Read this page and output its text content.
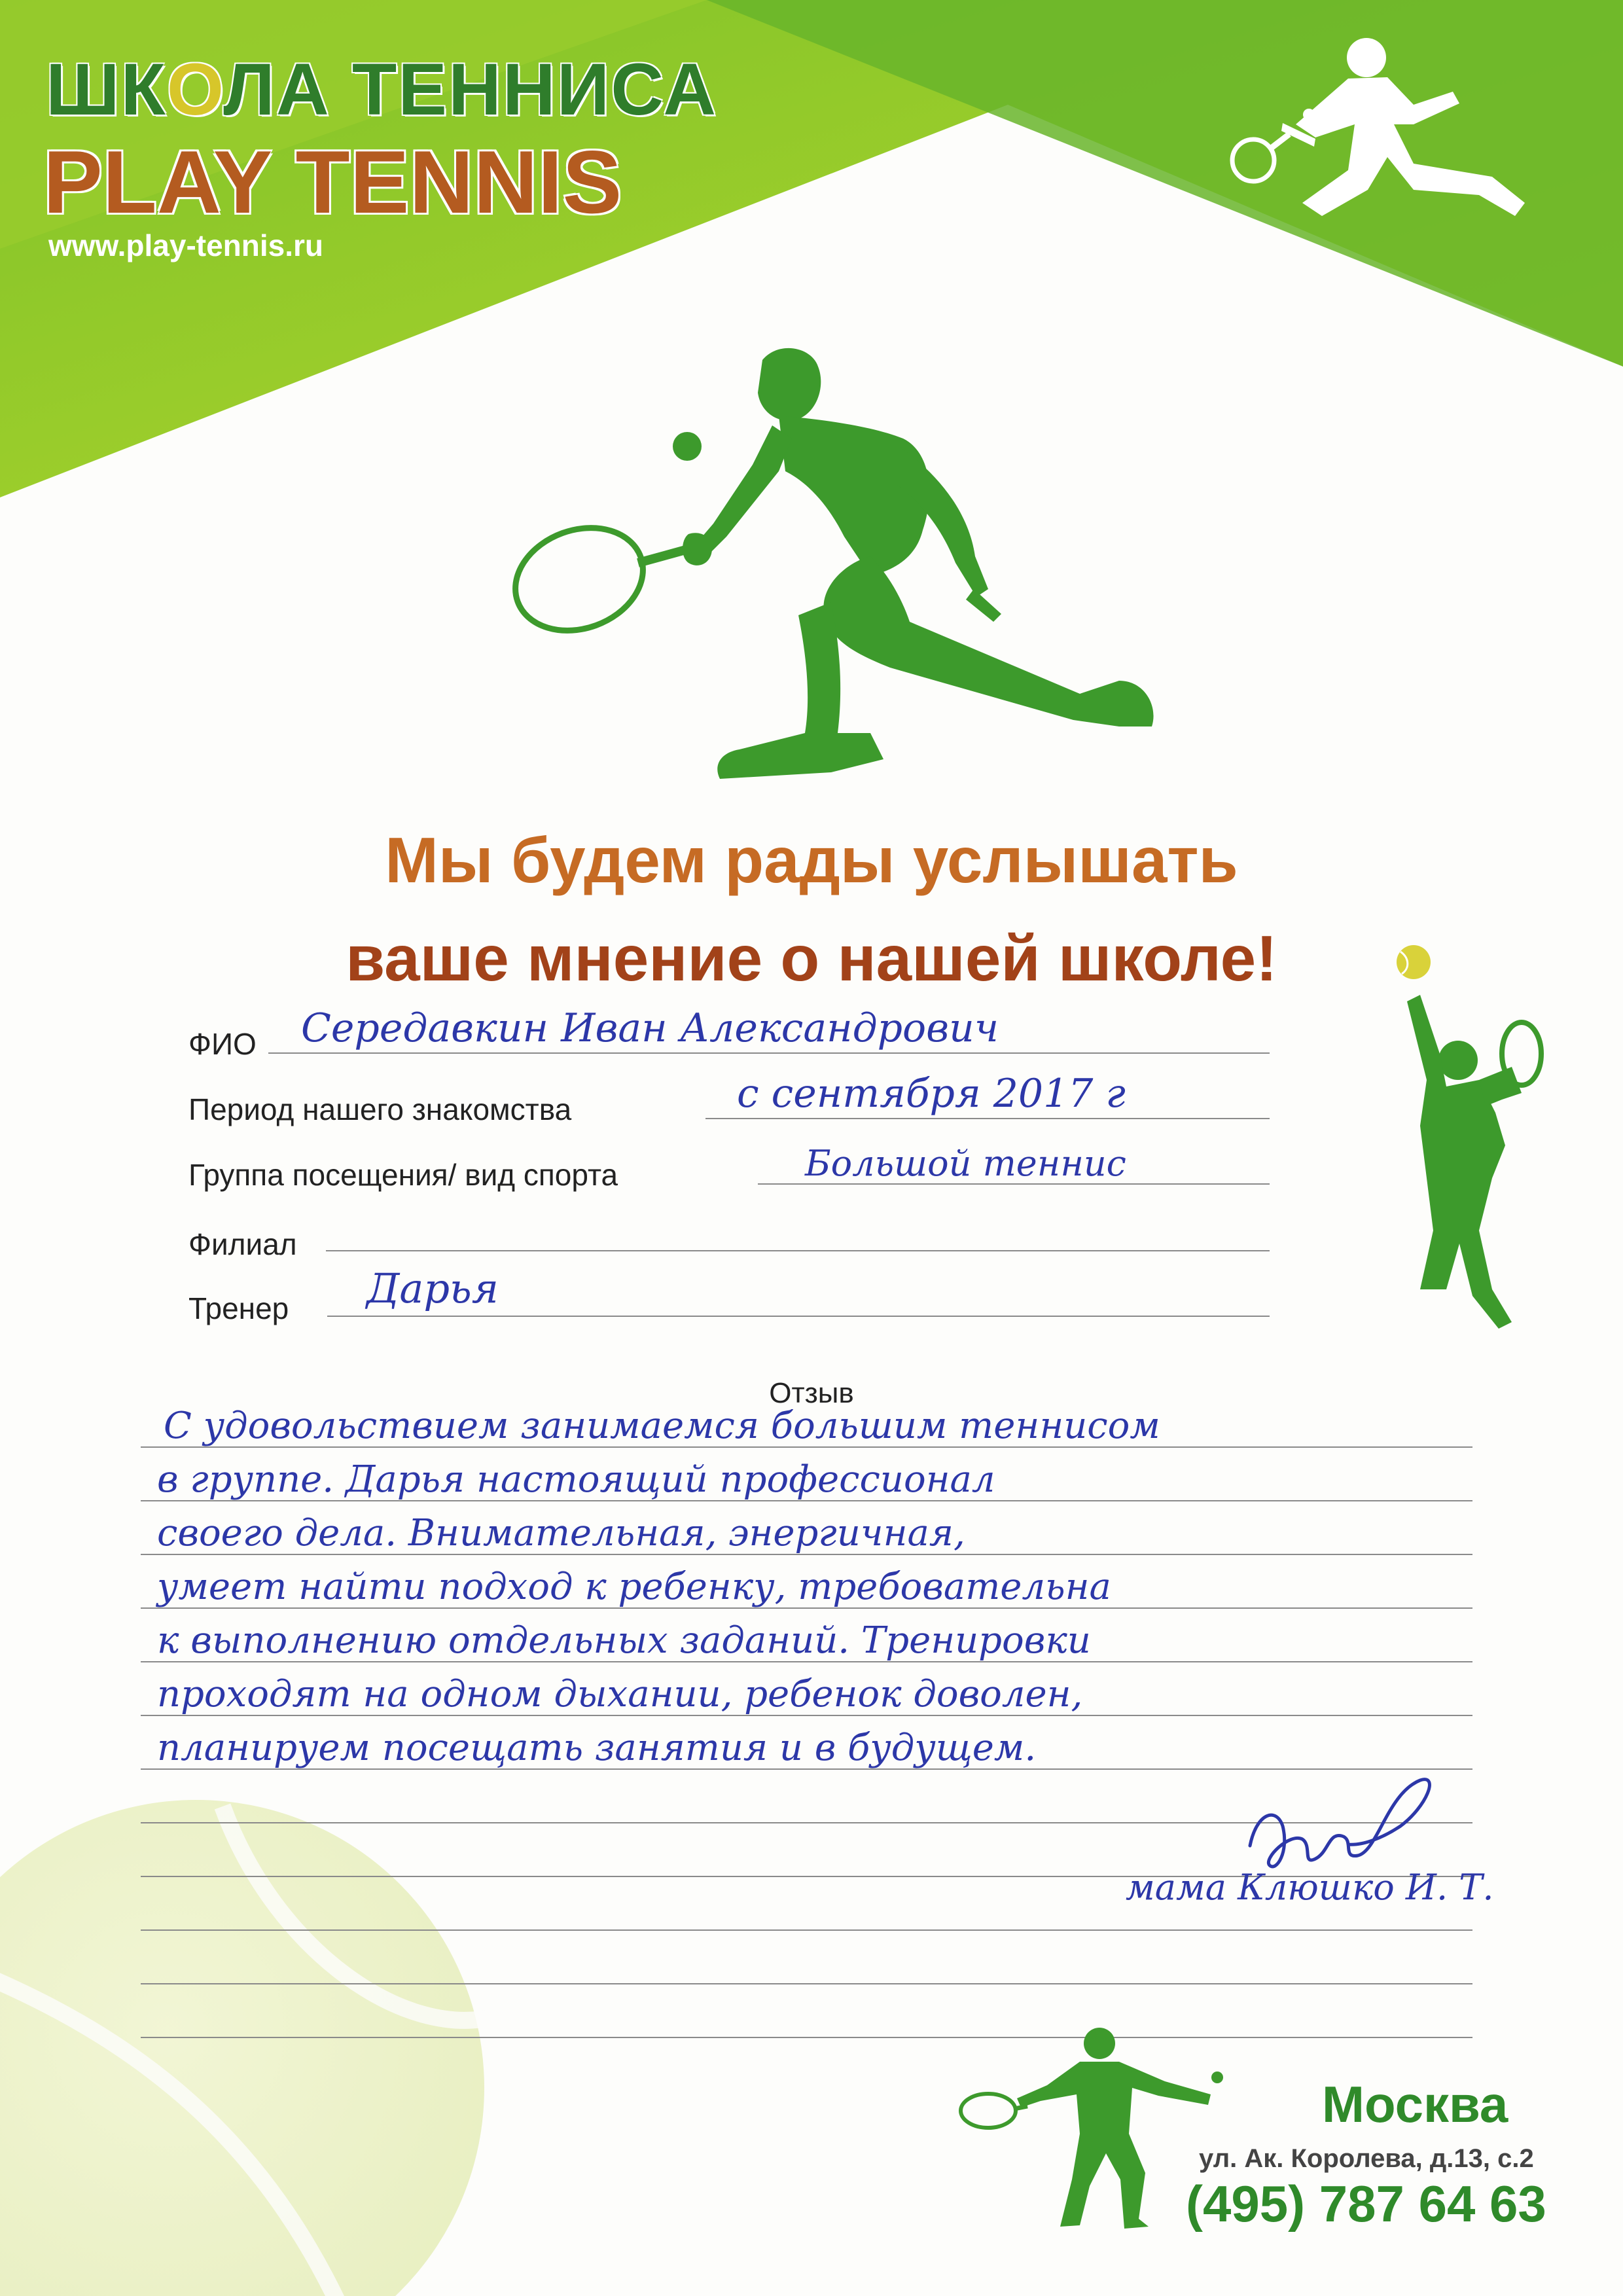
ШКОЛА ТЕННИСА
PLAY TENNIS
www.play-tennis.ru
Мы будем рады услышать
ваше мнение о нашей школе!
ФИО Середавкин Иван Александрович
Период нашего знакомства	с сентября 2017 г
Группа посещения/ вид спорта	Большой теннис
Филиал
Тренер Дарья
Отзыв
С удовольствием занимаемся большим теннисом
в группе. Дарья настоящий профессионал
своего дела. Внимательная, энергичная,
умеет найти подход к ребенку, требовательна
к выполнению отдельных заданий. Тренировки
проходят на одном дыхании, ребенок доволен,
планируем посещать занятия и в будущем.
мама Клюшко И. Т.
Москва
ул. Ак. Королева, д.13, с.2
(495) 787 64 63
